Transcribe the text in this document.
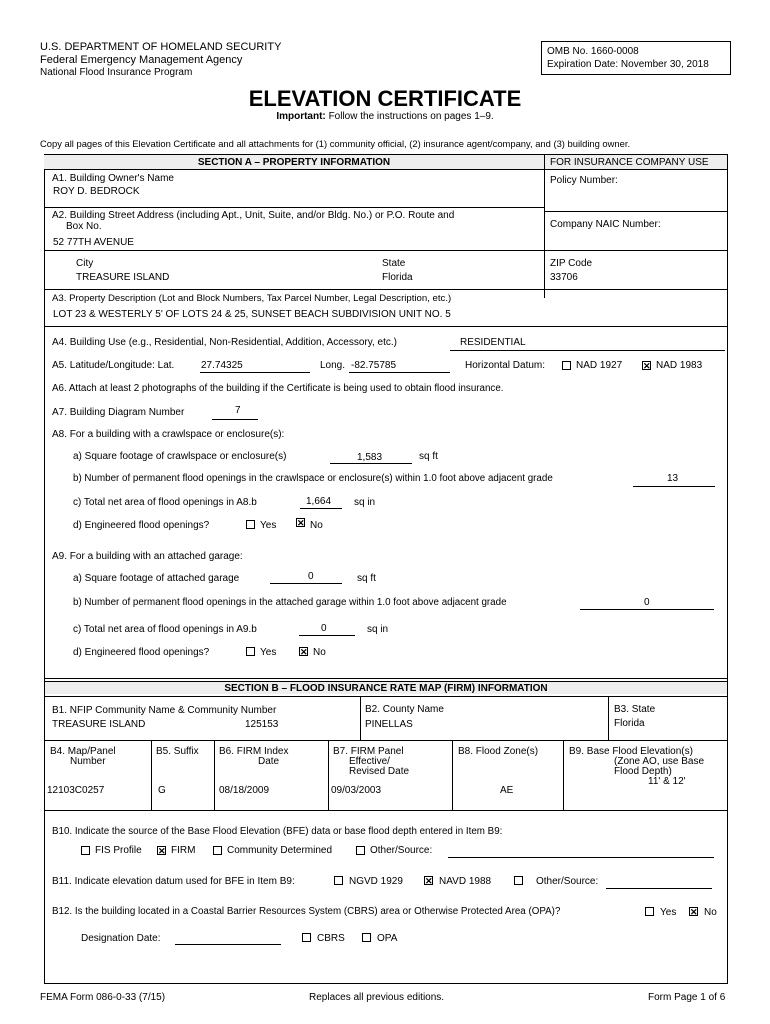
U.S. DEPARTMENT OF HOMELAND SECURITY
Federal Emergency Management Agency
National Flood Insurance Program
OMB No. 1660-0008
Expiration Date: November 30, 2018
ELEVATION CERTIFICATE
Important: Follow the instructions on pages 1–9.
Copy all pages of this Elevation Certificate and all attachments for (1) community official, (2) insurance agent/company, and (3) building owner.
SECTION A – PROPERTY INFORMATION	FOR INSURANCE COMPANY USE
A1. Building Owner's Name
ROY D. BEDROCK
Policy Number:
A2. Building Street Address (including Apt., Unit, Suite, and/or Bldg. No.) or P.O. Route and
Box No.
52 77TH AVENUE
Company NAIC Number:
City
TREASURE ISLAND
State
Florida
ZIP Code
33706
A3. Property Description (Lot and Block Numbers, Tax Parcel Number, Legal Description, etc.)
LOT 23 & WESTERLY 5' OF LOTS 24 & 25, SUNSET BEACH SUBDIVISION UNIT NO. 5
A4. Building Use (e.g., Residential, Non-Residential, Addition, Accessory, etc.)	RESIDENTIAL
A5. Latitude/Longitude: Lat.	27.74325	Long. -82.75785	Horizontal Datum:	NAD 1927 ✕ NAD 1983
A6. Attach at least 2 photographs of the building if the Certificate is being used to obtain flood insurance.
A7. Building Diagram Number	7
A8. For a building with a crawlspace or enclosure(s):
a) Square footage of crawlspace or enclosure(s)	1,583	sq ft
b) Number of permanent flood openings in the crawlspace or enclosure(s) within 1.0 foot above adjacent grade	13
c) Total net area of flood openings in A8.b	1,664 sq in
d) Engineered flood openings?	Yes ✕ No
A9. For a building with an attached garage:
a) Square footage of attached garage	0	sq ft
b) Number of permanent flood openings in the attached garage within 1.0 foot above adjacent grade	0
c) Total net area of flood openings in A9.b	0	sq in
d) Engineered flood openings?	Yes	✕ No
SECTION B – FLOOD INSURANCE RATE MAP (FIRM) INFORMATION
B1. NFIP Community Name & Community Number
TREASURE ISLAND	125153
B2. County Name
PINELLAS
B3. State
Florida
B4. Map/Panel
Number
12103C0257
B5. Suffix
G
B6. FIRM Index
Date
08/18/2009
B7. FIRM Panel
Effective/
Revised Date
09/03/2003
B8. Flood Zone(s)
AE
B9. Base Flood Elevation(s)
(Zone AO, use Base
Flood Depth)
11' & 12'
B10. Indicate the source of the Base Flood Elevation (BFE) data or base flood depth entered in Item B9:
FIS Profile ✕ FIRM	Community Determined	Other/Source:
B11. Indicate elevation datum used for BFE in Item B9:	NGVD 1929 ✕ NAVD 1988	Other/Source:
B12. Is the building located in a Coastal Barrier Resources System (CBRS) area or Otherwise Protected Area (OPA)?	Yes ✕ No
Designation Date:	CBRS	OPA
FEMA Form 086-0-33 (7/15)	Replaces all previous editions.	Form Page 1 of 6
